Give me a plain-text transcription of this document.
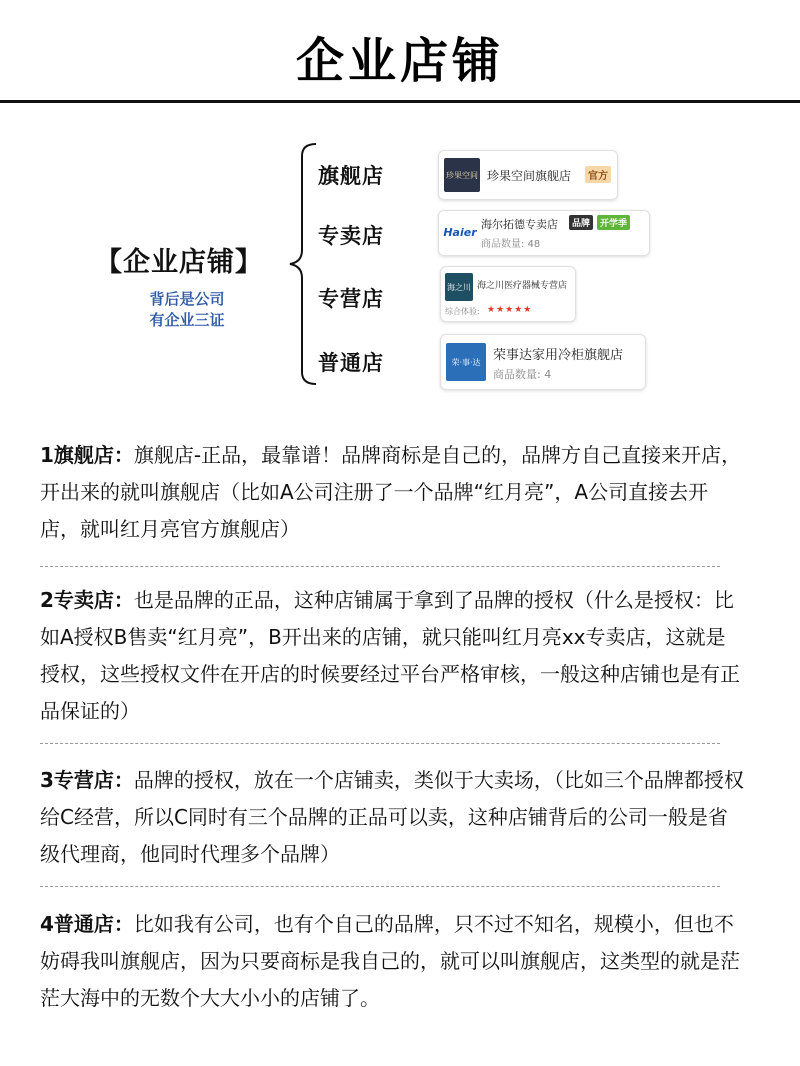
企业店铺
【企业店铺】
背后是公司
有企业三证
旗舰店
专卖店
专营店
普通店
珍果空间 珍果空间旗舰店	官方
Haier
海尔拓德专卖店	品牌	开学季
商品数量: 48
海之川 海之川医疗器械专营店
综合体验: ★★★★★
荣·事·达 荣事达家用冷柜旗舰店
商品数量: 4
1旗舰店：旗舰店-正品，最靠谱！品牌商标是自己的，品牌方自己直接来开店，开出来的就叫旗舰店（比如A公司注册了一个品牌“红月亮”，A公司直接去开店，就叫红月亮官方旗舰店）
2专卖店：也是品牌的正品，这种店铺属于拿到了品牌的授权（什么是授权：比如A授权B售卖“红月亮”，B开出来的店铺，就只能叫红月亮xx专卖店，这就是授权，这些授权文件在开店的时候要经过平台严格审核，一般这种店铺也是有正品保证的）
3专营店：品牌的授权，放在一个店铺卖，类似于大卖场，（比如三个品牌都授权给C经营，所以C同时有三个品牌的正品可以卖，这种店铺背后的公司一般是省级代理商，他同时代理多个品牌）
4普通店：比如我有公司，也有个自己的品牌，只不过不知名，规模小，但也不妨碍我叫旗舰店，因为只要商标是我自己的，就可以叫旗舰店，这类型的就是茫茫大海中的无数个大大小小的店铺了。
